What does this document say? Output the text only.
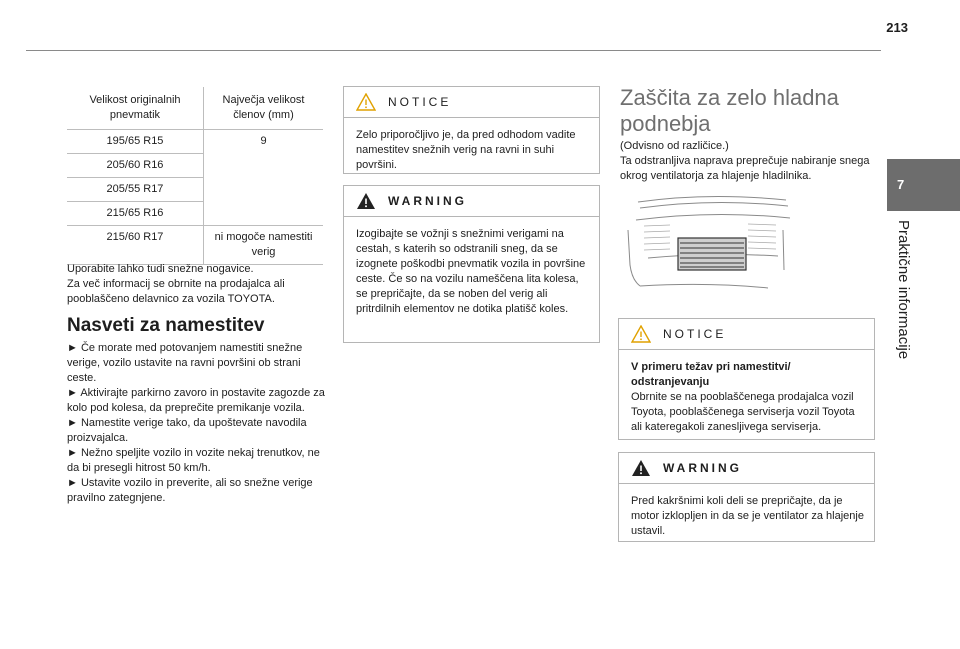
213
7
Praktične informacije
Velikost originalnih pnevmatik	Največja velikost členov (mm)
195/65 R15	9
205/60 R16	
205/55 R17	
215/65 R16	
215/60 R17	ni mogoče namestiti verig
Uporabite lahko tudi snežne nogavice.
Za več informacij se obrnite na prodajalca ali pooblaščeno delavnico za vozila TOYOTA.
Nasveti za namestitev
► Če morate med potovanjem namestiti snežne verige, vozilo ustavite na ravni površini ob strani ceste.
► Aktivirajte parkirno zavoro in postavite zagozde za kolo pod kolesa, da preprečite premikanje vozila.
► Namestite verige tako, da upoštevate navodila proizvajalca.
► Nežno speljite vozilo in vozite nekaj trenutkov, ne da bi presegli hitrost 50 km/h.
► Ustavite vozilo in preverite, ali so snežne verige pravilno zategnjene.
NOTICE
Zelo priporočljivo je, da pred odhodom vadite namestitev snežnih verig na ravni in suhi površini.
WARNING
Izogibajte se vožnji s snežnimi verigami na cestah, s katerih so odstranili sneg, da se izognete poškodbi pnevmatik vozila in površine ceste. Če so na vozilu nameščena lita kolesa, se prepričajte, da se noben del verig ali pritrdilnih elementov ne dotika platišč koles.
Zaščita za zelo hladna podnebja
(Odvisno od različice.)
Ta odstranljiva naprava preprečuje nabiranje snega okrog ventilatorja za hlajenje hladilnika.
NOTICE
V primeru težav pri namestitvi/ odstranjevanju
Obrnite se na pooblaščenega prodajalca vozil Toyota, pooblaščenega serviserja vozil Toyota ali kateregakoli zanesljivega serviserja.
WARNING
Pred kakršnimi koli deli se prepričajte, da je motor izklopljen in da se je ventilator za hlajenje ustavil.
